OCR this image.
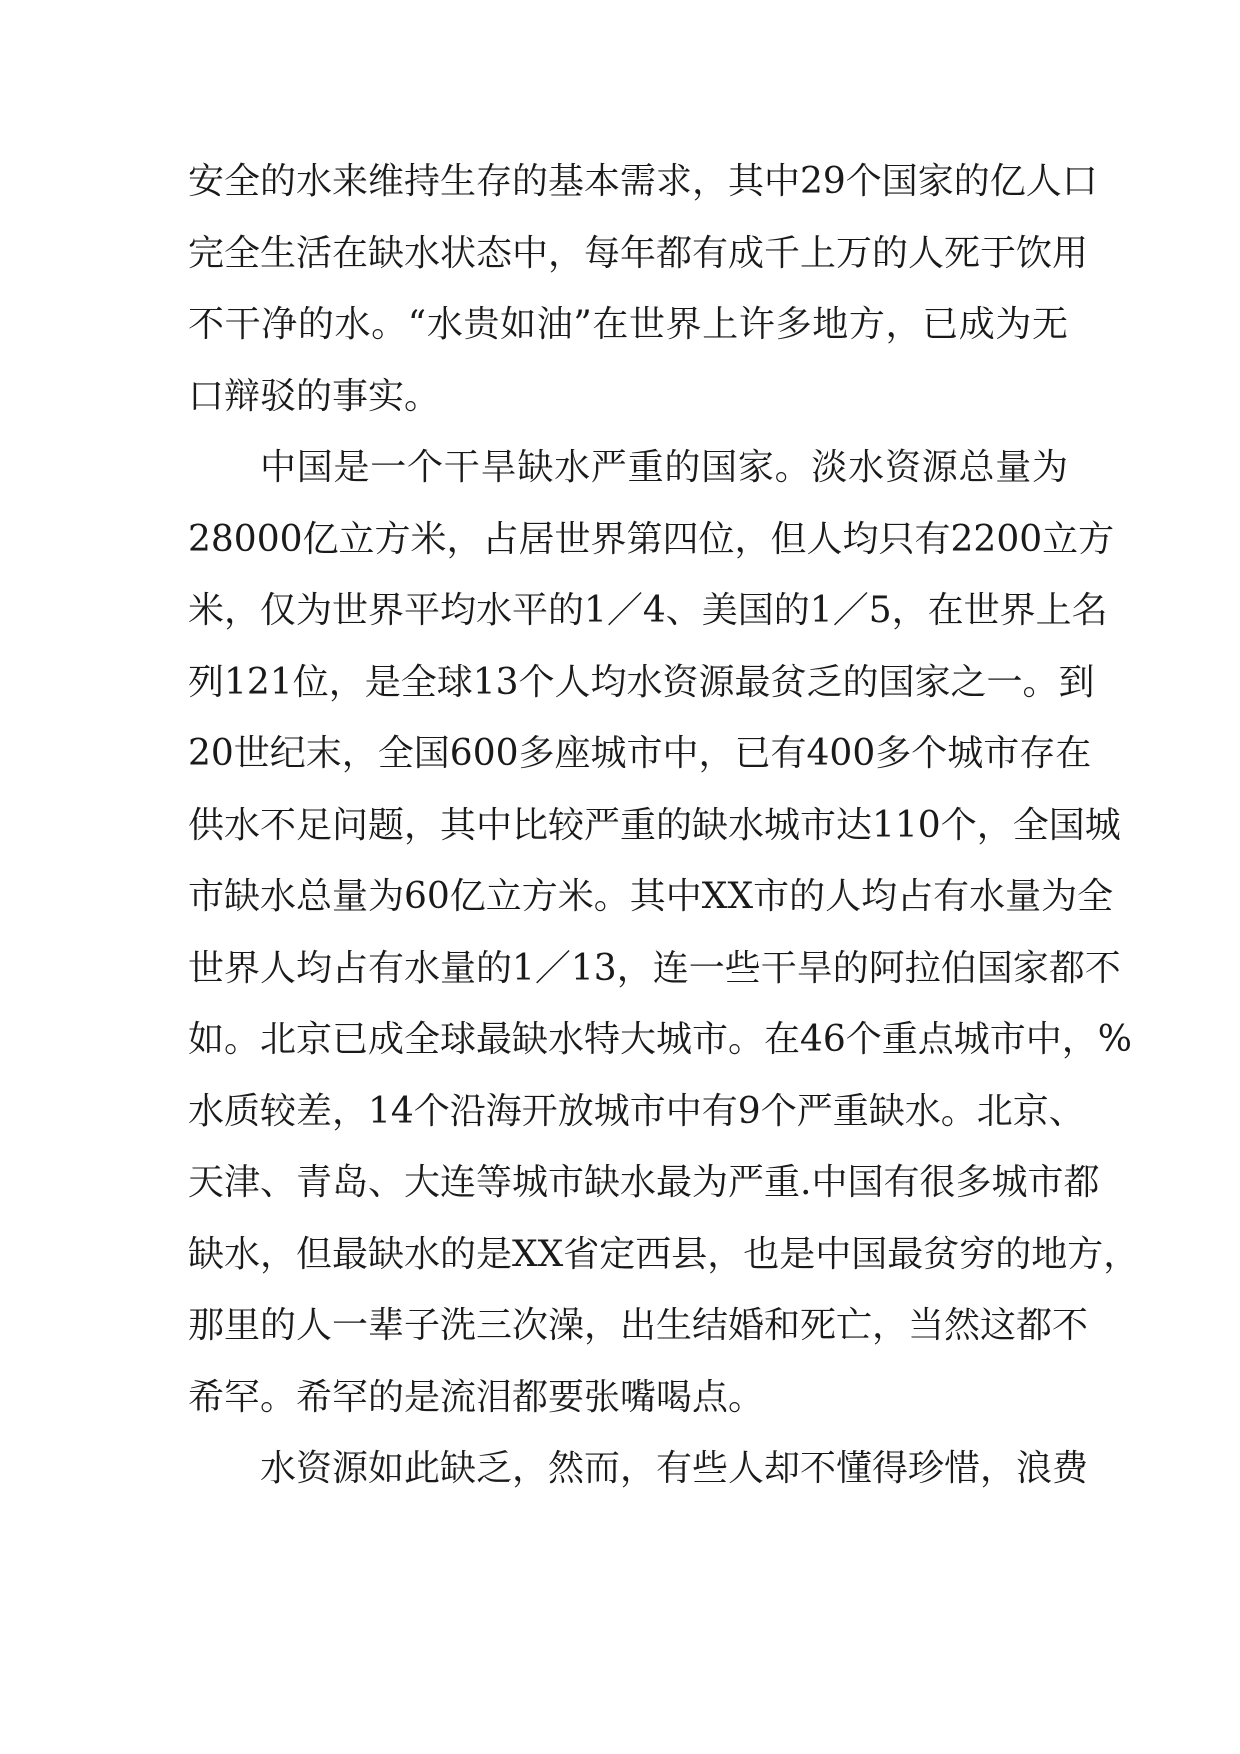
安全的水来维持生存的基本需求，其中29个国家的亿人口
完全生活在缺水状态中，每年都有成千上万的人死于饮用
不干净的水。“水贵如油”在世界上许多地方，已成为无
口辩驳的事实。
中国是一个干旱缺水严重的国家。淡水资源总量为
28000亿立方米，占居世界第四位，但人均只有2200立方
米，仅为世界平均水平的1／4、美国的1／5，在世界上名
列121位，是全球13个人均水资源最贫乏的国家之一。到
20世纪末，全国600多座城市中，已有400多个城市存在
供水不足问题，其中比较严重的缺水城市达110个，全国城
市缺水总量为60亿立方米。其中XX市的人均占有水量为全
世界人均占有水量的1／13，连一些干旱的阿拉伯国家都不
如。北京已成全球最缺水特大城市。在46个重点城市中，%
水质较差，14个沿海开放城市中有9个严重缺水。北京、
天津、青岛、大连等城市缺水最为严重.中国有很多城市都
缺水，但最缺水的是XX省定西县，也是中国最贫穷的地方，
那里的人一辈子洗三次澡，出生结婚和死亡，当然这都不
希罕。希罕的是流泪都要张嘴喝点。
水资源如此缺乏，然而，有些人却不懂得珍惜，浪费
